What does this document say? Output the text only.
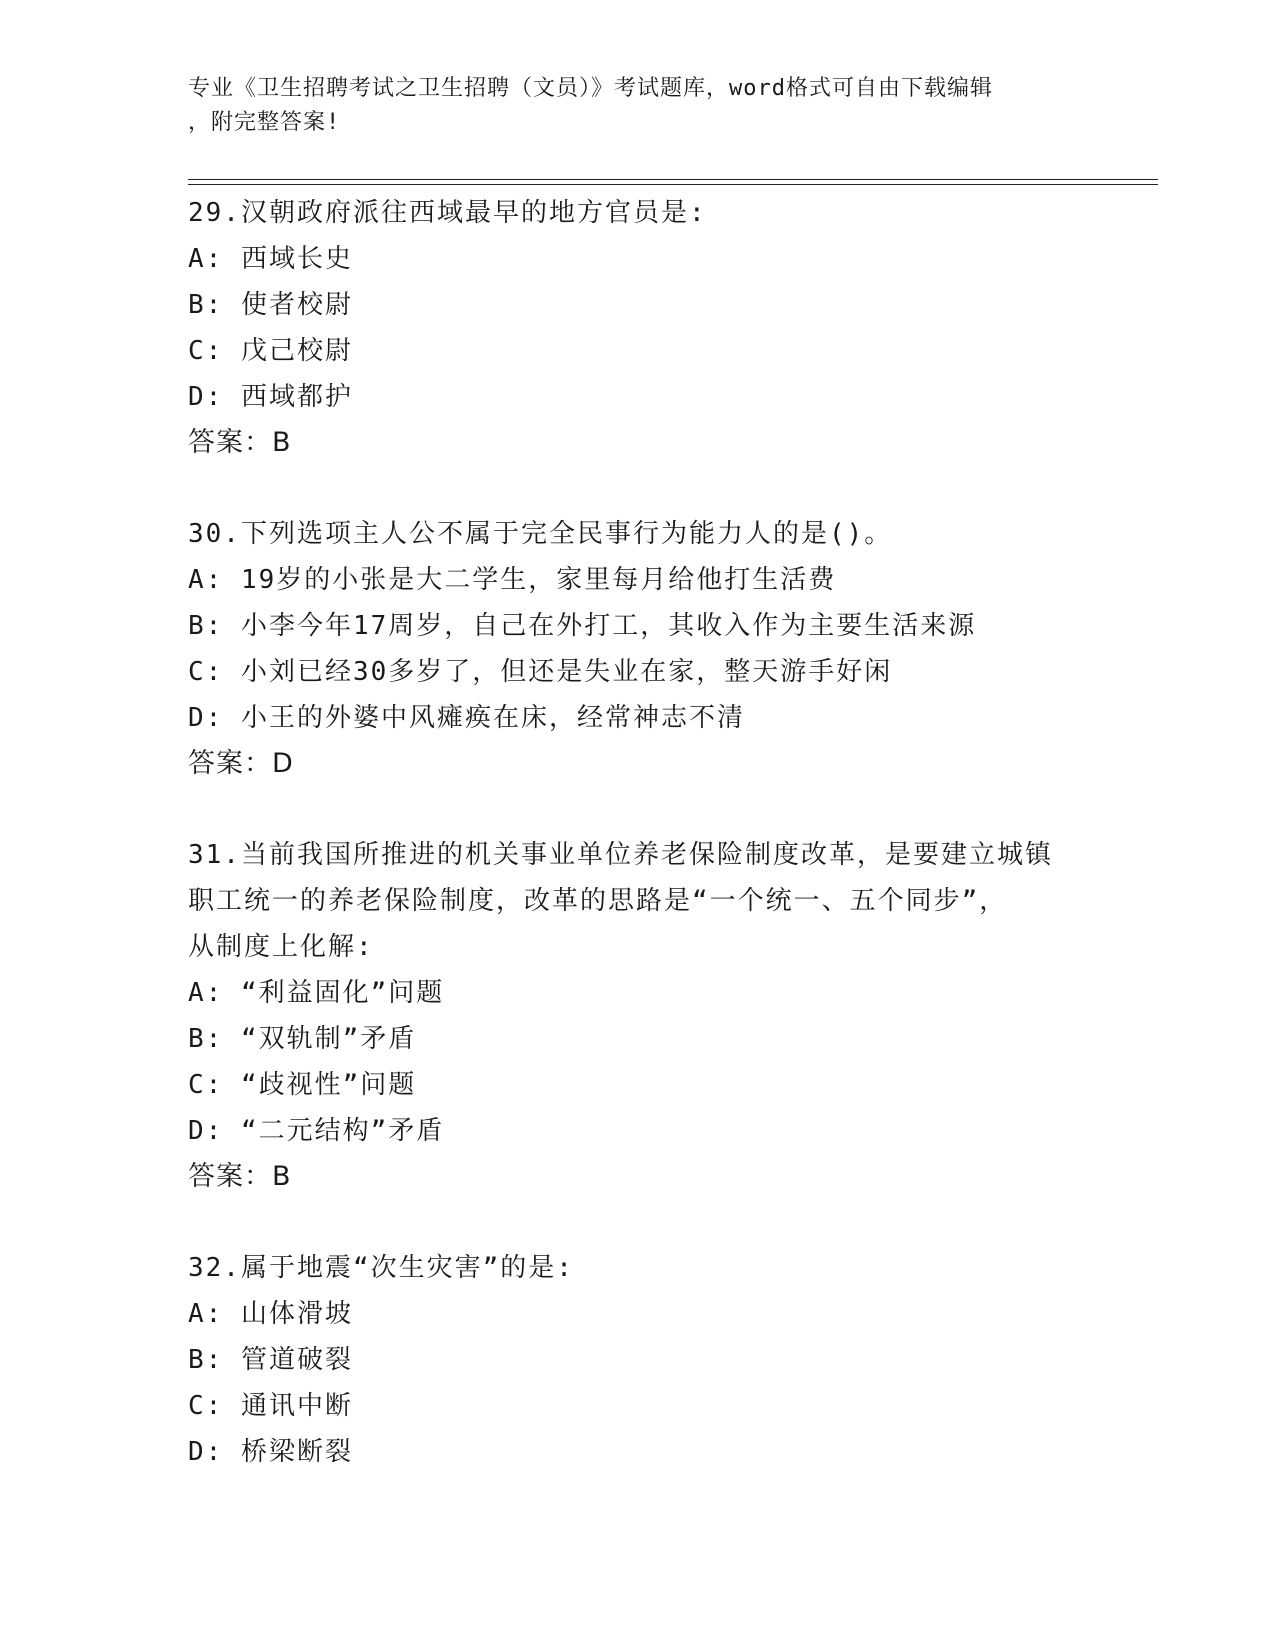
专业《卫生招聘考试之卫生招聘（文员）》考试题库，word格式可自由下载编辑
，附完整答案!
29.汉朝政府派往西域最早的地方官员是:
A: 西域长史
B: 使者校尉
C: 戊己校尉
D: 西域都护
答案：B
30.下列选项主人公不属于完全民事行为能力人的是()。
A: 19岁的小张是大二学生，家里每月给他打生活费
B: 小李今年17周岁，自己在外打工，其收入作为主要生活来源
C: 小刘已经30多岁了，但还是失业在家，整天游手好闲
D: 小王的外婆中风瘫痪在床，经常神志不清
答案：D
31.当前我国所推进的机关事业单位养老保险制度改革，是要建立城镇
职工统一的养老保险制度，改革的思路是“一个统一、五个同步”，
从制度上化解:
A: “利益固化”问题
B: “双轨制”矛盾
C: “歧视性”问题
D: “二元结构”矛盾
答案：B
32.属于地震“次生灾害”的是:
A: 山体滑坡
B: 管道破裂
C: 通讯中断
D: 桥梁断裂
